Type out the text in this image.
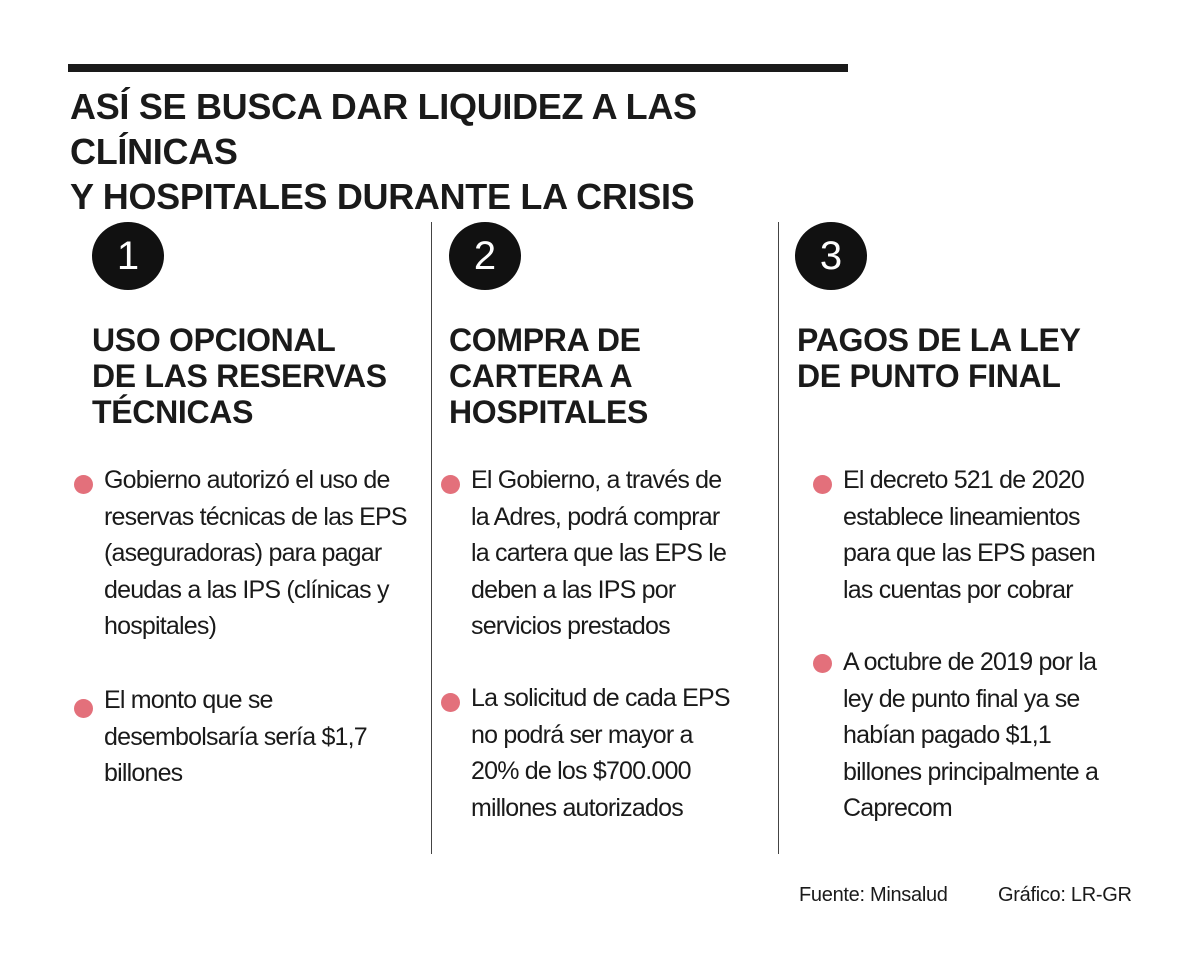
ASÍ SE BUSCA DAR LIQUIDEZ A LAS CLÍNICAS
Y HOSPITALES DURANTE LA CRISIS
1
USO OPCIONAL
DE LAS RESERVAS
TÉCNICAS

Gobierno autorizó el uso de
reservas técnicas de las EPS
(aseguradoras) para pagar
deudas a las IPS (clínicas y
hospitales)

El monto que se
desembolsaría sería $1,7
billones

2
COMPRA DE
CARTERA A
HOSPITALES

El Gobierno, a través de
la Adres, podrá comprar
la cartera que las EPS le
deben a las IPS por
servicios prestados

La solicitud de cada EPS
no podrá ser mayor a
20% de los $700.000
millones autorizados

3
PAGOS DE LA LEY
DE PUNTO FINAL

El decreto 521 de 2020
establece lineamientos
para que las EPS pasen
las cuentas por cobrar

A octubre de 2019 por la
ley de punto final ya se
habían pagado $1,1
billones principalmente a
Caprecom

Fuente: Minsalud	Gráfico: LR-GR
